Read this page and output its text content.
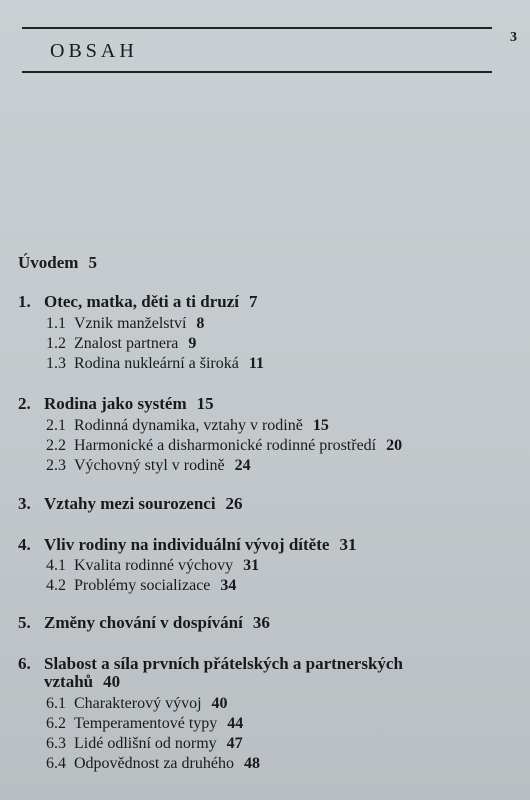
3
OBSAH
Úvodem 5
1. Otec, matka, děti a ti druzí 7
1.1 Vznik manželství 8
1.2 Znalost partnera 9
1.3 Rodina nukleární a široká 11
2. Rodina jako systém 15
2.1 Rodinná dynamika, vztahy v rodině 15
2.2 Harmonické a disharmonické rodinné prostředí 20
2.3 Výchovný styl v rodině 24
3. Vztahy mezi sourozenci 26
4. Vliv rodiny na individuální vývoj dítěte 31
4.1 Kvalita rodinné výchovy 31
4.2 Problémy socializace 34
5. Změny chování v dospívání 36
6. Slabost a síla prvních přátelských a partnerských
vztahů 40
6.1 Charakterový vývoj 40
6.2 Temperamentové typy 44
6.3 Lidé odlišní od normy 47
6.4 Odpovědnost za druhého 48
